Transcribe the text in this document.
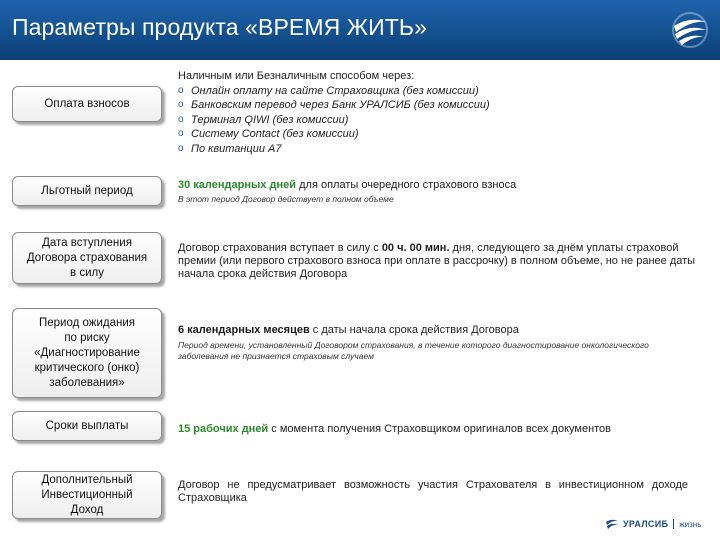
Параметры продукта «ВРЕМЯ ЖИТЬ»
Оплата взносов
Наличным или Безналичным способом через:
o Онлайн оплату на сайте Страховщика (без комиссии)
o Банковским перевод через Банк УРАЛСИБ (без комиссии)
o Терминал QIWI (без комиссии)
o Систему Contact (без комиссии)
o По квитанции А7
Льготный период	30 календарных дней для оплаты очередного страхового взноса
В этот период Договор действует в полном объеме
Дата вступления
Договора страхования
в силу
Договор страхования вступает в силу с 00 ч. 00 мин. дня, следующего за днём уплаты страховой премии (или первого страхового взноса при оплате в рассрочку) в полном объеме, но не ранее даты начала срока действия Договора
Период ожидания
по риску
«Диагностирование
критического (онко)
заболевания»
6 календарных месяцев с даты начала срока действия Договора
Период времени, установленный Договором страхования, в течение которого диагностирование онкологического заболевания не признается страховым случаем
Сроки выплаты	15 рабочих дней с момента получения Страховщиком оригиналов всех документов
Дополнительный
Инвестиционный
Доход
Договор не предусматривает возможность участия Страхователя в инвестиционном доходе Страховщика
УРАЛСИБ жизнь
